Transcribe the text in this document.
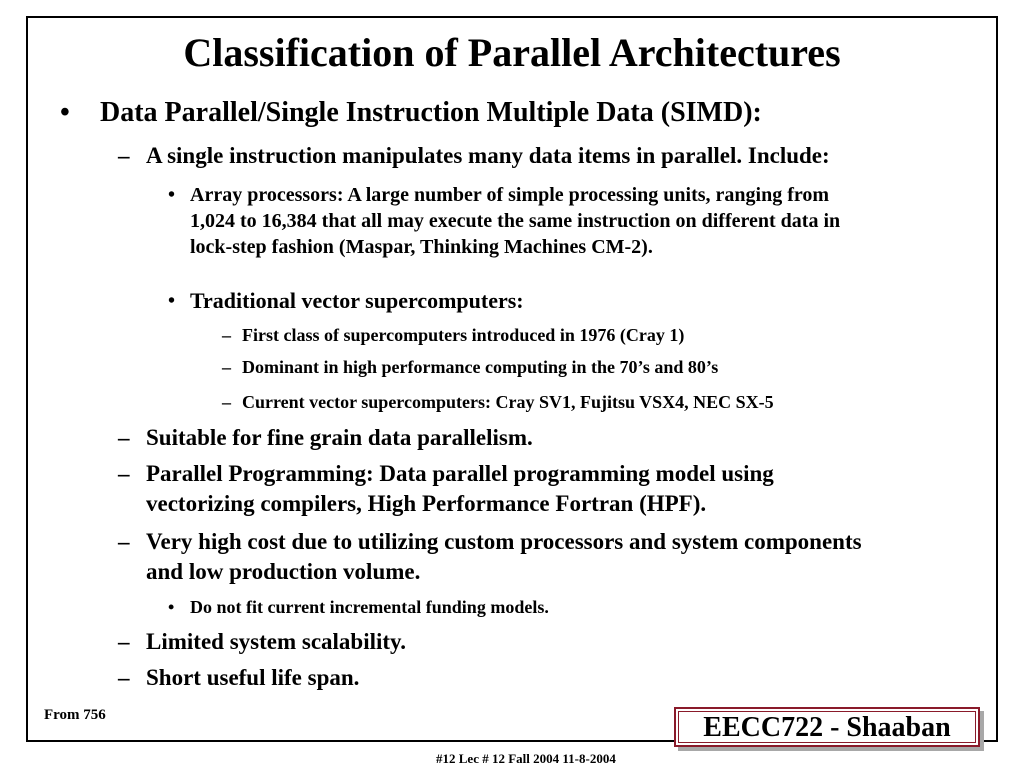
Classification of Parallel Architectures
• Data Parallel/Single Instruction Multiple Data (SIMD):
– A single instruction manipulates many data items in parallel. Include:
• Array processors: A large number of simple processing units, ranging from
1,024 to 16,384 that all may execute the same instruction on different data in
lock-step fashion (Maspar, Thinking Machines CM-2).
• Traditional vector supercomputers:
– First class of supercomputers introduced in 1976 (Cray 1)
– Dominant in high performance computing in the 70’s and 80’s
– Current vector supercomputers: Cray SV1, Fujitsu VSX4, NEC SX-5
– Suitable for fine grain data parallelism.
– Parallel Programming: Data parallel programming model using
vectorizing compilers, High Performance Fortran (HPF).
– Very high cost due to utilizing custom processors and system components
and low production volume.
• Do not fit current incremental funding models.
– Limited system scalability.
– Short useful life span.
From 756	EECC722 - Shaaban
#12 Lec # 12 Fall 2004 11-8-2004
